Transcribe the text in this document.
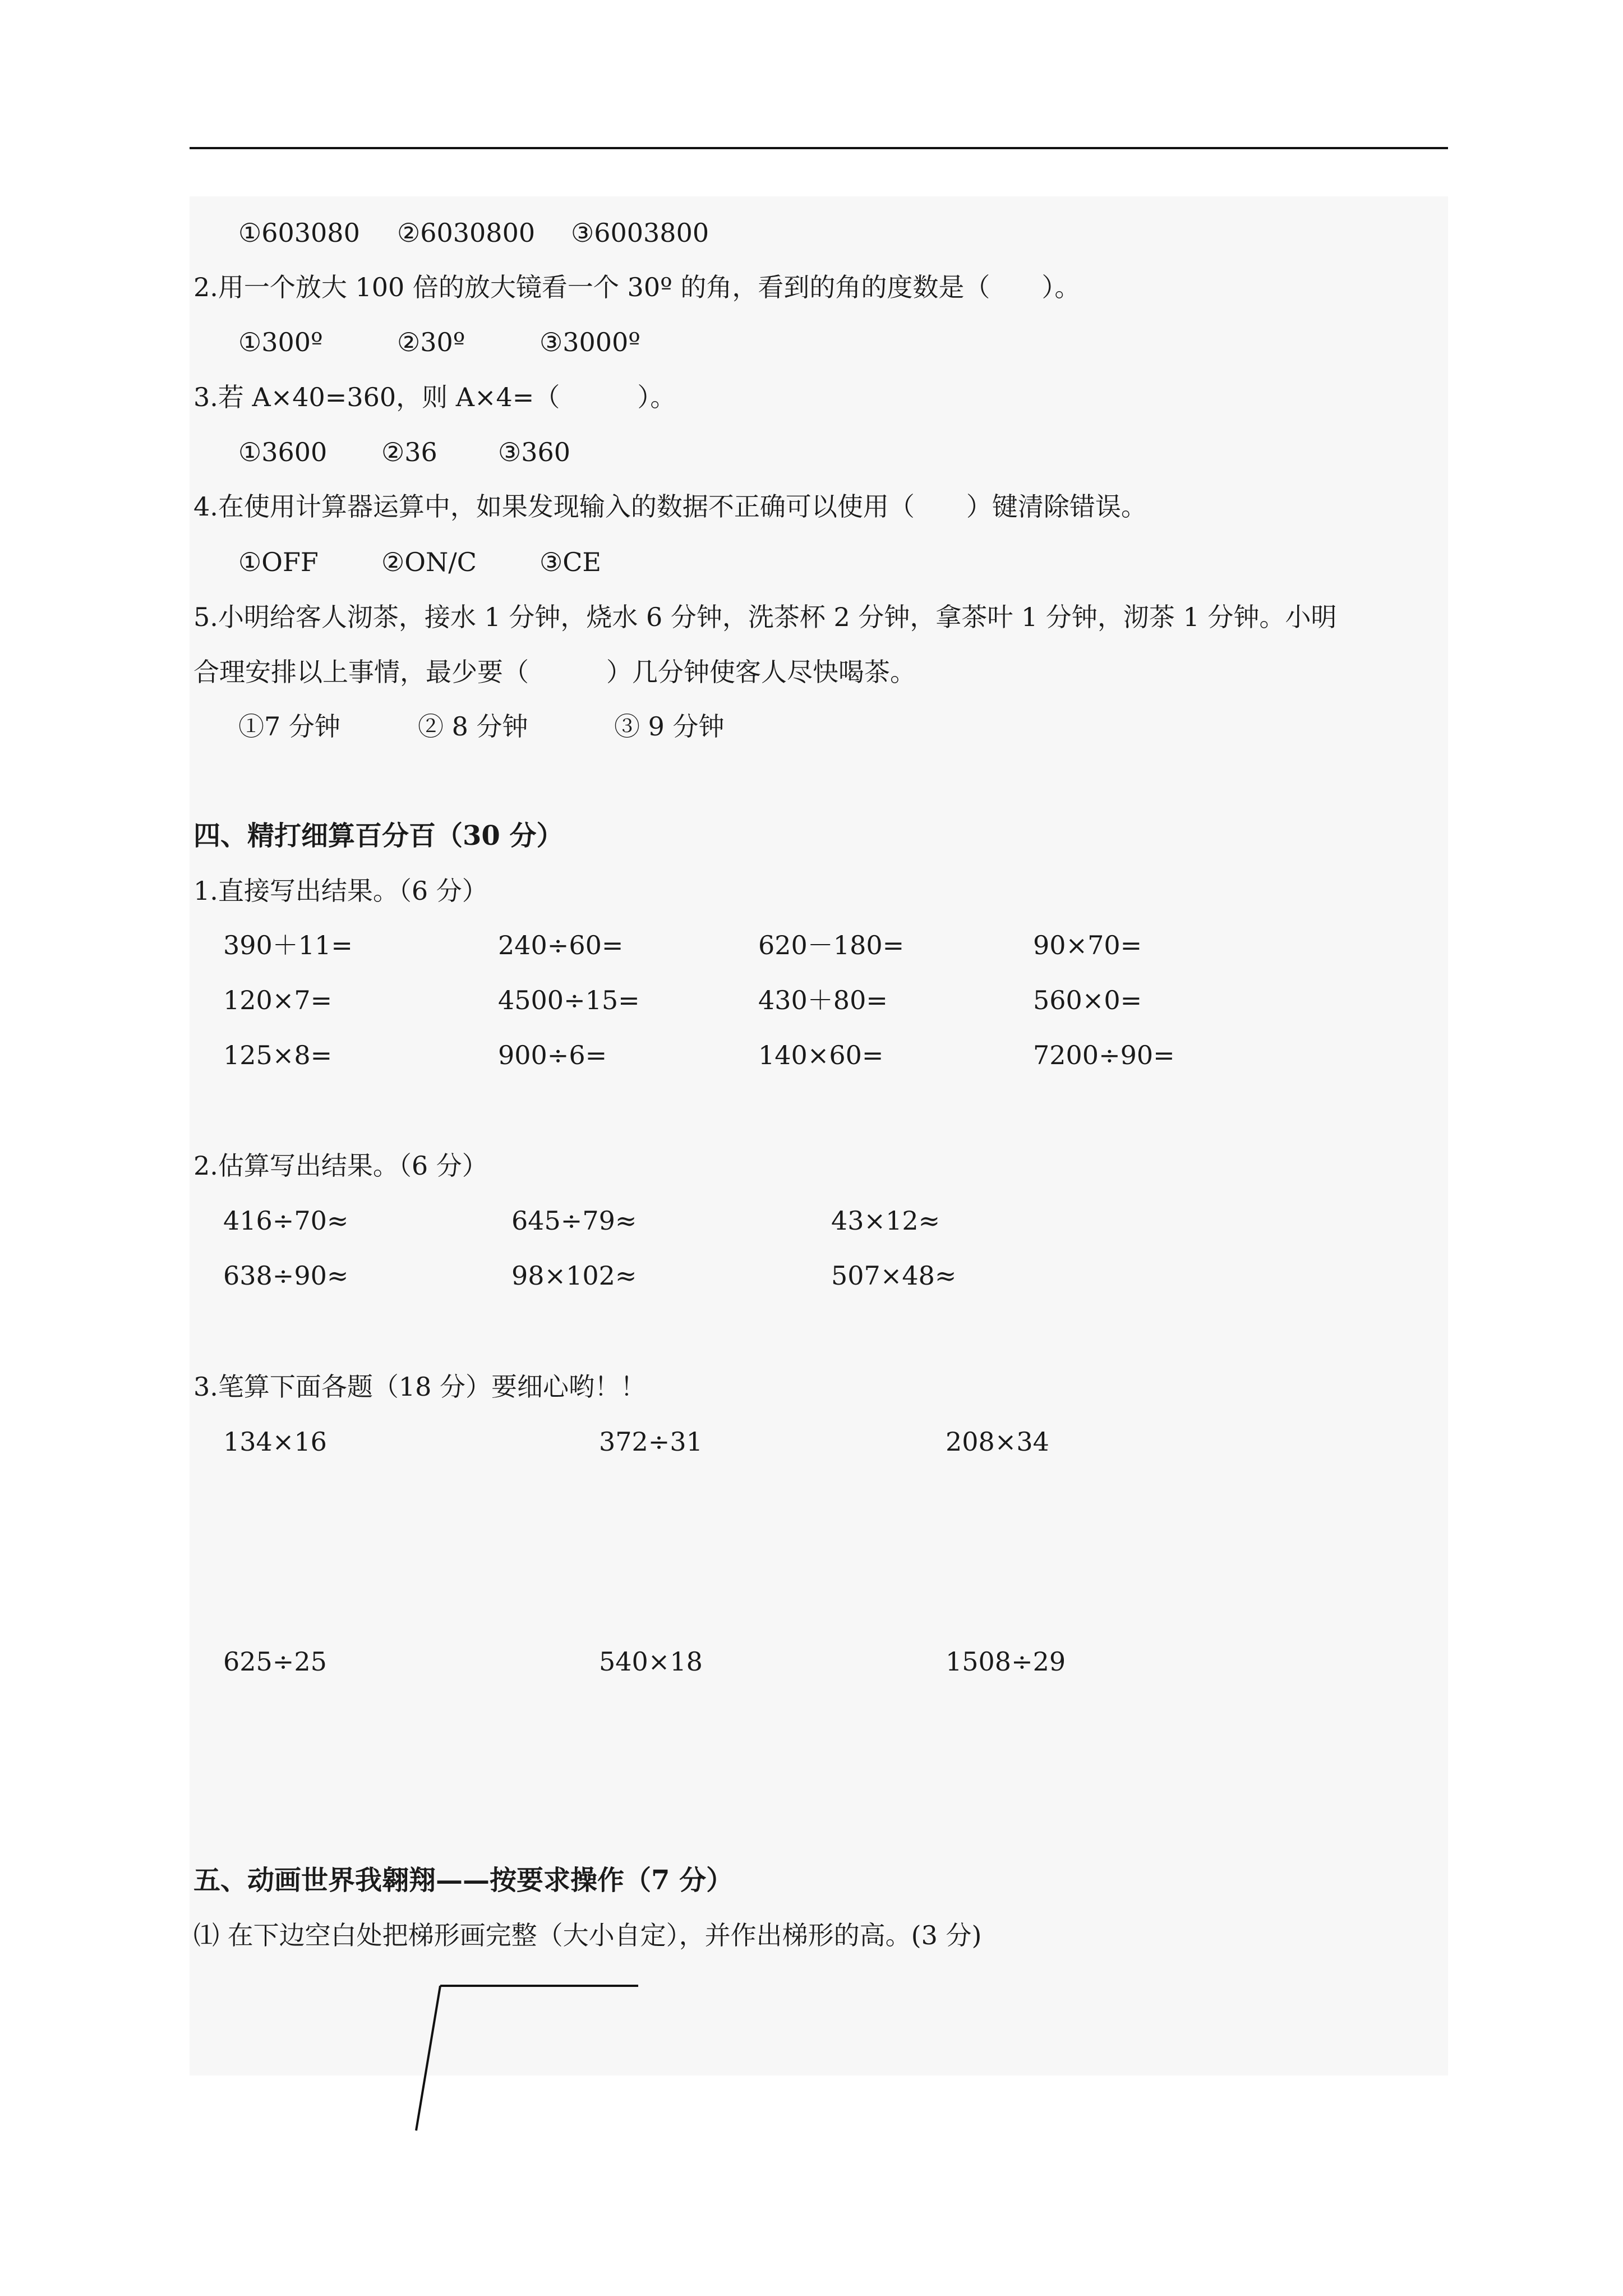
①603080 ②6030800 ③6003800
2.用一个放大 100 倍的放大镜看一个 30º 的角，看到的角的度数是（　　）。
①300º	②30º	③3000º
3.若 A×40=360，则 A×4=（　　　）。
①3600 ②36 ③360
4.在使用计算器运算中，如果发现输入的数据不正确可以使用（　　）键清除错误。
①OFF ②ON/C ③CE
5.小明给客人沏茶，接水 1 分钟，烧水 6 分钟，洗茶杯 2 分钟，拿茶叶 1 分钟，沏茶 1 分钟。小明
合理安排以上事情，最少要（　　　）几分钟使客人尽快喝茶。
①7 分钟	② 8 分钟	③ 9 分钟
四、精打细算百分百（30 分）
1.直接写出结果。（6 分）
390＋11=	240÷60=	620－180=	90×70=
120×7=	4500÷15=	430＋80=	560×0=
125×8=	900÷6=	140×60=	7200÷90=
2.估算写出结果。（6 分）
416÷70≈	645÷79≈	43×12≈
638÷90≈	98×102≈	507×48≈
3.笔算下面各题（18 分）要细心哟！！
134×16	372÷31	208×34
625÷25	540×18	1508÷29
五、动画世界我翱翔——按要求操作（7 分）
⑴ 在下边空白处把梯形画完整（大小自定），并作出梯形的高。(3 分)
